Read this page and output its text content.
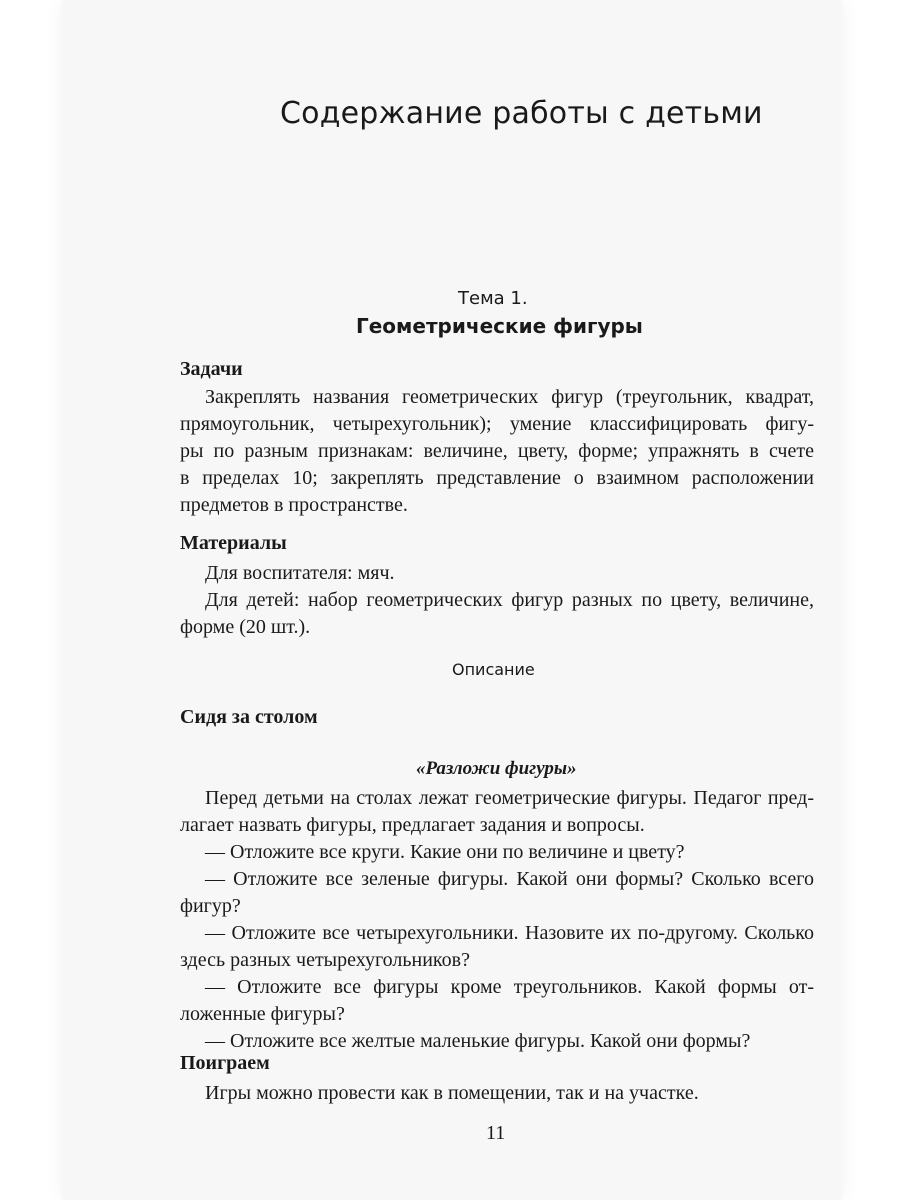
Содержание работы с детьми
Тема 1.
Геометрические фигуры
Задачи
Закреплять названия геометрических фигур (треугольник, квадрат,
прямоугольник, четырехугольник); умение классифицировать фигу-
ры по разным признакам: величине, цвету, форме; упражнять в счете
в пределах 10; закреплять представление о взаимном расположении
предметов в пространстве.
Материалы
Для воспитателя: мяч.
Для детей: набор геометрических фигур разных по цвету, величине,
форме (20 шт.).
Описание
Сидя за столом
«Разложи фигуры»
Перед детьми на столах лежат геометрические фигуры. Педагог пред-
лагает назвать фигуры, предлагает задания и вопросы.
— Отложите все круги. Какие они по величине и цвету?
— Отложите все зеленые фигуры. Какой они формы? Сколько всего
фигур?
— Отложите все четырехугольники. Назовите их по-другому. Сколько
здесь разных четырехугольников?
— Отложите все фигуры кроме треугольников. Какой формы от-
ложенные фигуры?
— Отложите все желтые маленькие фигуры. Какой они формы?
Поиграем
Игры можно провести как в помещении, так и на участке.
11
